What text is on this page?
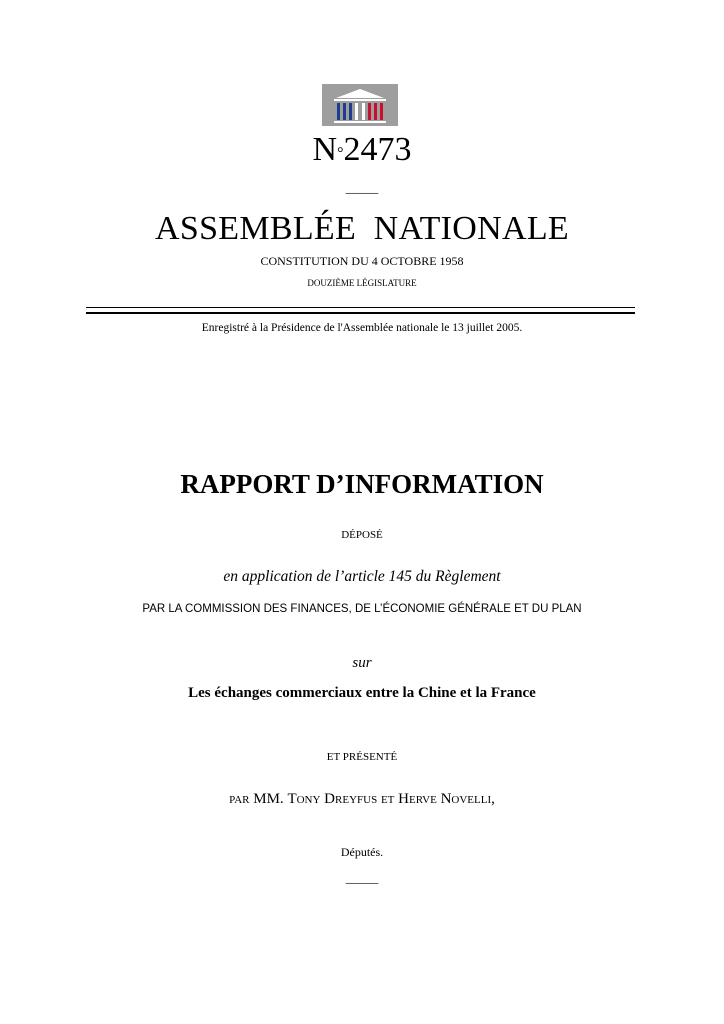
N°2473
_____
ASSEMBLÉE  NATIONALE
CONSTITUTION DU 4 OCTOBRE 1958
DOUZIÈME LÉGISLATURE
Enregistré à la Présidence de l'Assemblée nationale le 13 juillet 2005.
RAPPORT D’INFORMATION
DÉPOSÉ
en application de l’article 145 du Règlement
PAR LA COMMISSION DES FINANCES, DE L’ÉCONOMIE GÉNÉRALE ET DU PLAN
sur
Les échanges commerciaux entre la Chine et la France
ET PRÉSENTÉ
PAR MM. Tony Dreyfus et Herve Novelli,
Députés.
_____
